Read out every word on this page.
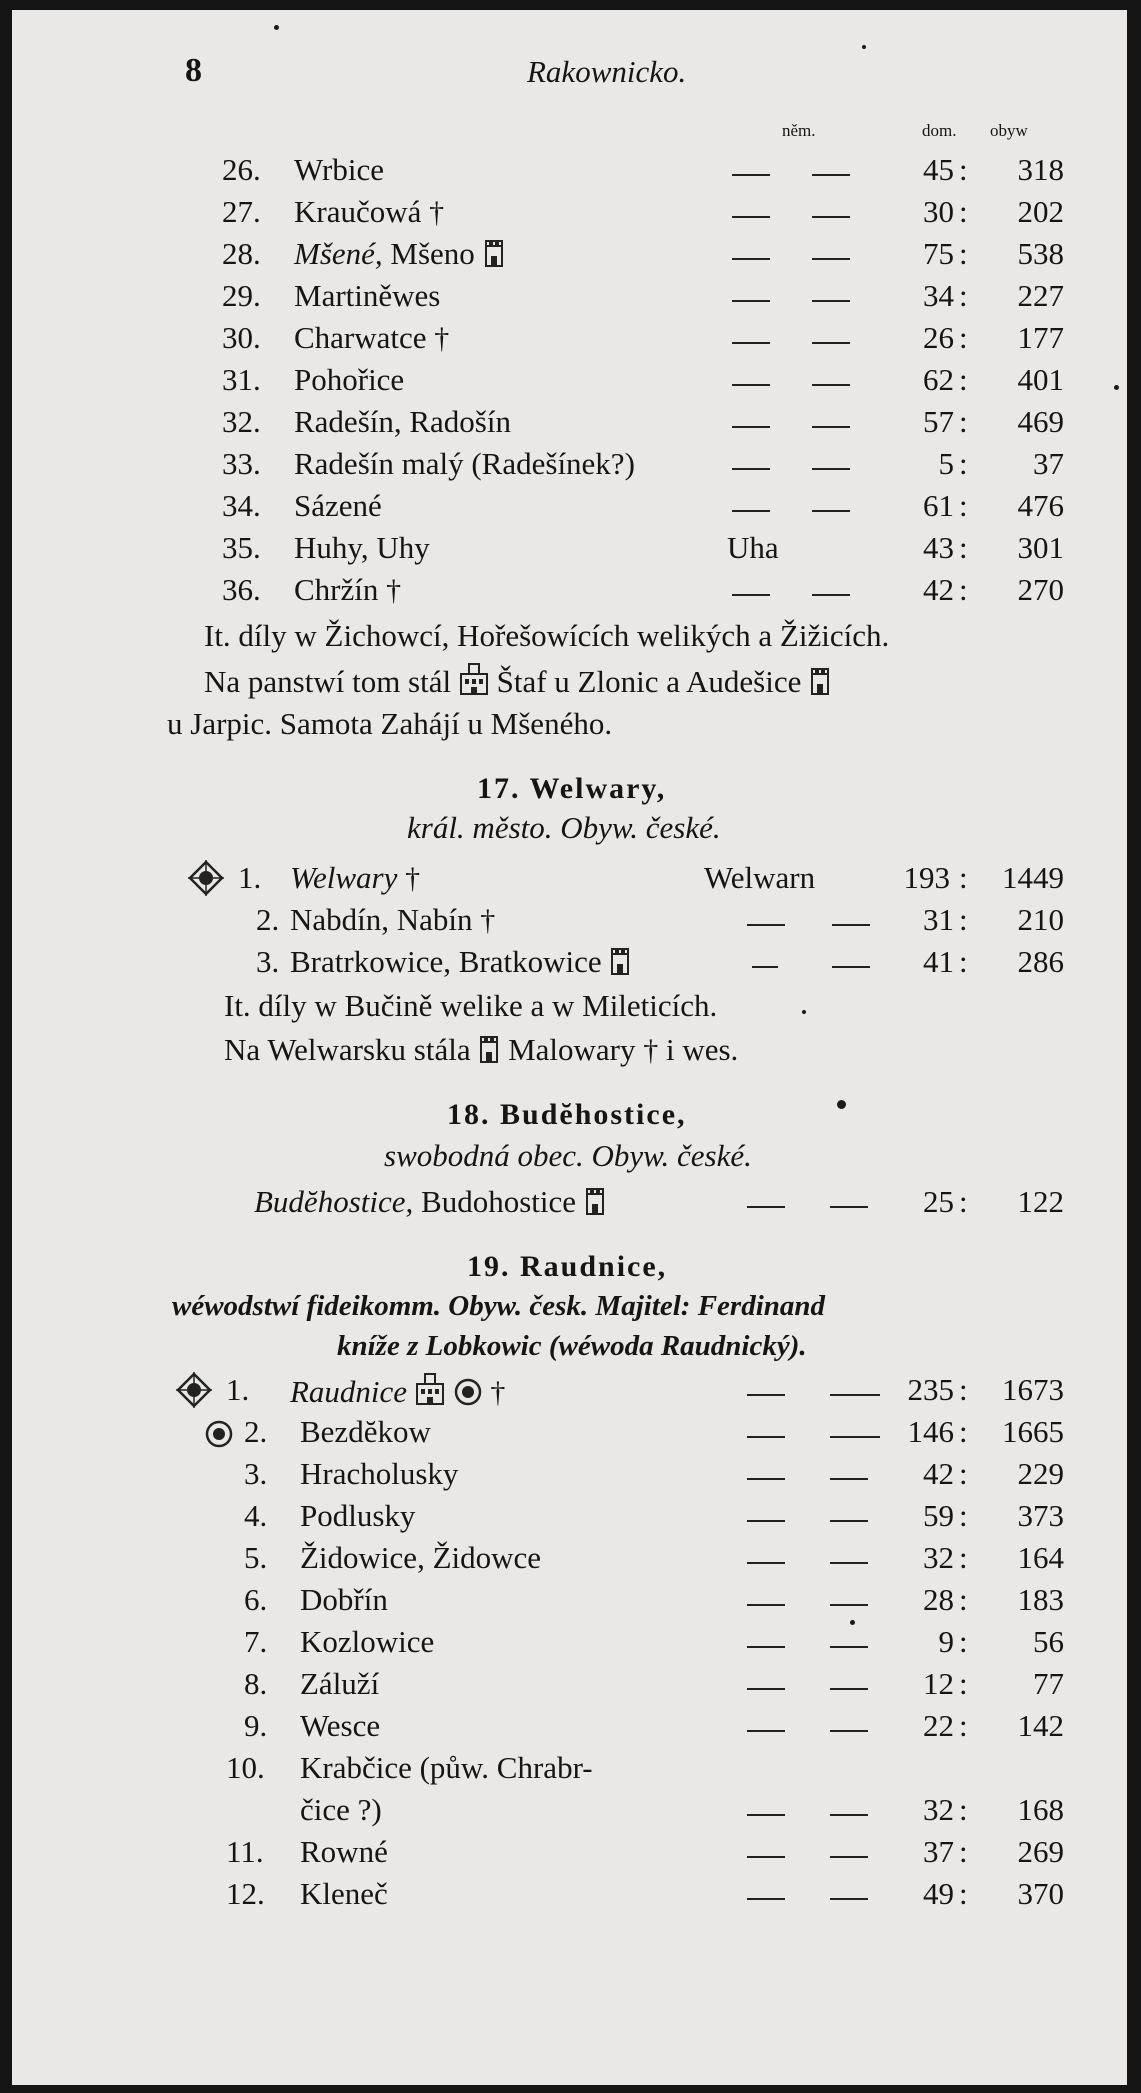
8	Rakownicko.
něm.	dom. obyw
26. Wrbice	45 :	318
27. Kraučowá †	30 :	202
28. Mšené, Mšeno	75 :	538
29. Martiněwes	34 :	227
30. Charwatce †	26 :	177
31. Pohořice	62 :	401
32. Radešín, Radošín	57 :	469
33. Radešín malý (Radešínek?)	5 :	37
34. Sázené	61 :	476
35. Huhy, Uhy	Uha	43 :	301
36. Chržín †	42 :	270
It. díly w Žichowcí, Hořešowících welikých a Žižicích.
Na panstwí tom stál Štaf u Zlonic a Audešice
u Jarpic. Samota Zahájí u Mšeného.
17. Welwary,
král. město. Obyw. české.
1. Welwary †	Welwarn	193 :	1449
2. Nabdín, Nabín †	31 :	210
3. Bratrkowice, Bratkowice	41 :	286
It. díly w Bučině welike a w Mileticích.
Na Welwarsku stála Malowary † i wes.
18. Budĕhostice,
swobodná obec. Obyw. české.
Budĕhostice, Budohostice	25 :	122
19. Raudnice,
wéwodstwí fideikomm. Obyw. česk. Majitel: Ferdinand
kníže z Lobkowic (wéwoda Raudnický).
1. Raudnice	†	235 :	1673
2. Bezdĕkow	146 :	1665
3. Hracholusky	42 :	229
4. Podlusky	59 :	373
5. Židowice, Židowce	32 :	164
6. Dobřín	28 :	183
7. Kozlowice	9 :	56
8. Záluží	12 :	77
9. Wesce	22 :	142
10. Krabčice (půw. Chrabr-
čice ?)	32 :	168
11. Rowné	37 :	269
12. Kleneč	49 :	370
